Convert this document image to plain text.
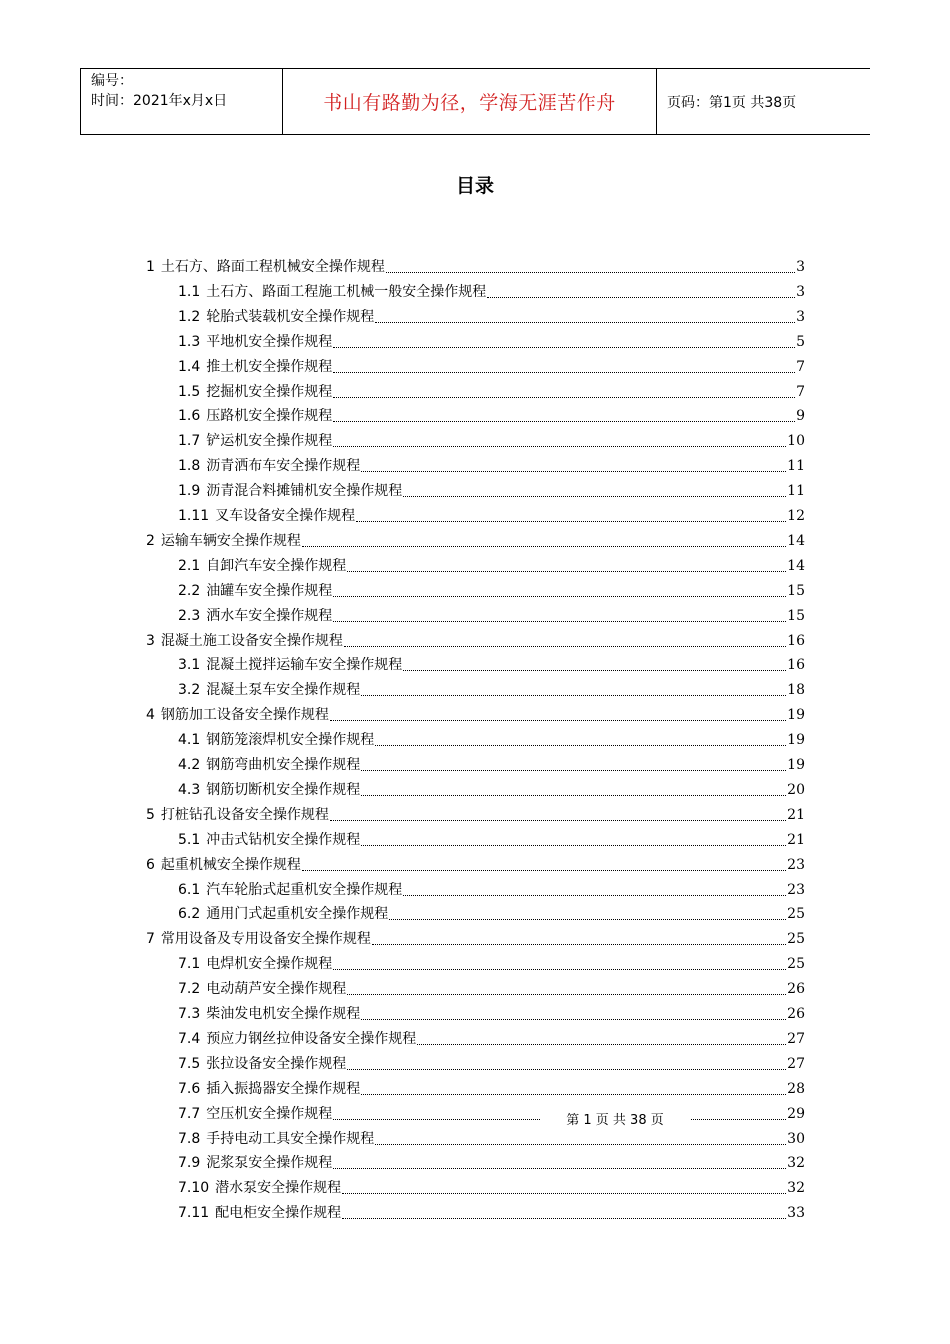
编号：
时间：2021年x月x日	书山有路勤为径，学海无涯苦作舟	页码：第1页 共38页
目录
1 土石方、路面工程机械安全操作规程	3
1.1 土石方、路面工程施工机械一般安全操作规程	3
1.2 轮胎式装载机安全操作规程	3
1.3 平地机安全操作规程	5
1.4 推土机安全操作规程	7
1.5 挖掘机安全操作规程	7
1.6 压路机安全操作规程	9
1.7 铲运机安全操作规程	10
1.8 沥青洒布车安全操作规程	11
1.9 沥青混合料摊铺机安全操作规程	11
1.11 叉车设备安全操作规程	12
2 运输车辆安全操作规程	14
2.1 自卸汽车安全操作规程	14
2.2 油罐车安全操作规程	15
2.3 洒水车安全操作规程	15
3 混凝土施工设备安全操作规程	16
3.1 混凝土搅拌运输车安全操作规程	16
3.2 混凝土泵车安全操作规程	18
4 钢筋加工设备安全操作规程	19
4.1 钢筋笼滚焊机安全操作规程	19
4.2 钢筋弯曲机安全操作规程	19
4.3 钢筋切断机安全操作规程	20
5 打桩钻孔设备安全操作规程	21
5.1 冲击式钻机安全操作规程	21
6 起重机械安全操作规程	23
6.1 汽车轮胎式起重机安全操作规程	23
6.2 通用门式起重机安全操作规程	25
7 常用设备及专用设备安全操作规程	25
7.1 电焊机安全操作规程	25
7.2 电动葫芦安全操作规程	26
7.3 柴油发电机安全操作规程	26
7.4 预应力钢丝拉伸设备安全操作规程	27
7.5 张拉设备安全操作规程	27
7.6 插入振捣器安全操作规程	28
7.7 空压机安全操作规程	29
7.8 手持电动工具安全操作规程	30
7.9 泥浆泵安全操作规程	32
7.10 潜水泵安全操作规程	32
7.11 配电柜安全操作规程	33
第 1 页 共 38 页
